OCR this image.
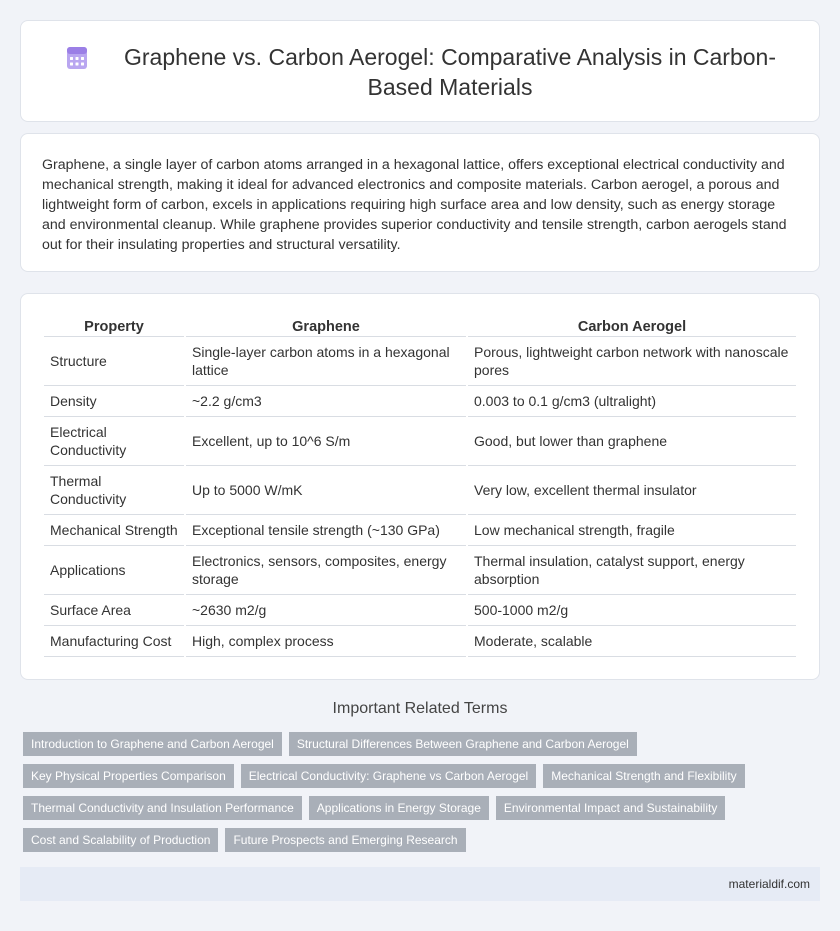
Graphene vs. Carbon Aerogel: Comparative Analysis in Carbon-Based Materials

Graphene, a single layer of carbon atoms arranged in a hexagonal lattice, offers exceptional electrical conductivity and mechanical strength, making it ideal for advanced electronics and composite materials. Carbon aerogel, a porous and lightweight form of carbon, excels in applications requiring high surface area and low density, such as energy storage and environmental cleanup. While graphene provides superior conductivity and tensile strength, carbon aerogels stand out for their insulating properties and structural versatility.

Property	Graphene	Carbon Aerogel
Structure	Single-layer carbon atoms in a hexagonal lattice	Porous, lightweight carbon network with nanoscale pores
Density	~2.2 g/cm3	0.003 to 0.1 g/cm3 (ultralight)
Electrical Conductivity	Excellent, up to 10^6 S/m	Good, but lower than graphene
Thermal Conductivity	Up to 5000 W/mK	Very low, excellent thermal insulator
Mechanical Strength	Exceptional tensile strength (~130 GPa)	Low mechanical strength, fragile
Applications	Electronics, sensors, composites, energy storage	Thermal insulation, catalyst support, energy absorption
Surface Area	~2630 m2/g	500-1000 m2/g
Manufacturing Cost	High, complex process	Moderate, scalable
Important Related Terms
Introduction to Graphene and Carbon Aerogel	Structural Differences Between Graphene and Carbon Aerogel
Key Physical Properties Comparison	Electrical Conductivity: Graphene vs Carbon Aerogel	Mechanical Strength and Flexibility
Thermal Conductivity and Insulation Performance	Applications in Energy Storage	Environmental Impact and Sustainability
Cost and Scalability of Production	Future Prospects and Emerging Research
materialdif.com
